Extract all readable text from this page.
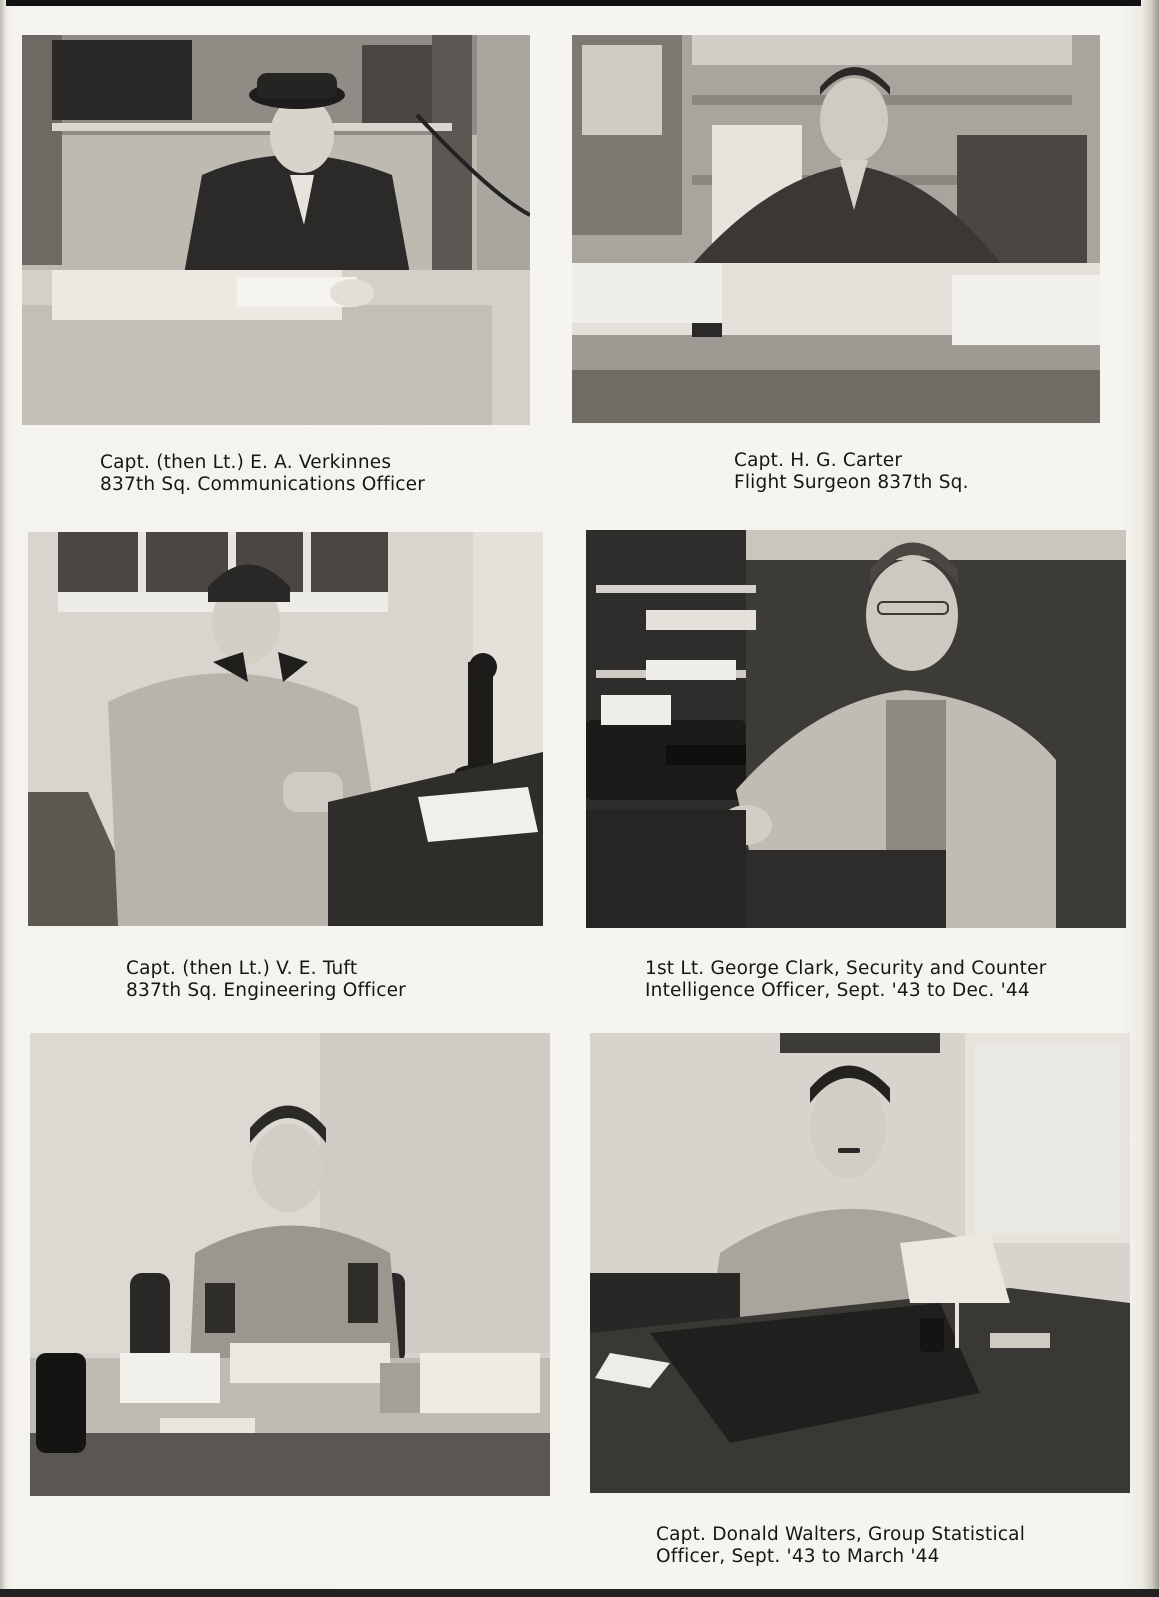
Capt. (then Lt.) E. A. Verkinnes
837th Sq. Communications Officer
Capt. H. G. Carter
Flight Surgeon 837th Sq.
Capt. (then Lt.) V. E. Tuft
837th Sq. Engineering Officer
1st Lt. George Clark, Security and Counter
Intelligence Officer, Sept. '43 to Dec. '44
Capt. Donald Walters, Group Statistical
Officer, Sept. '43 to March '44
